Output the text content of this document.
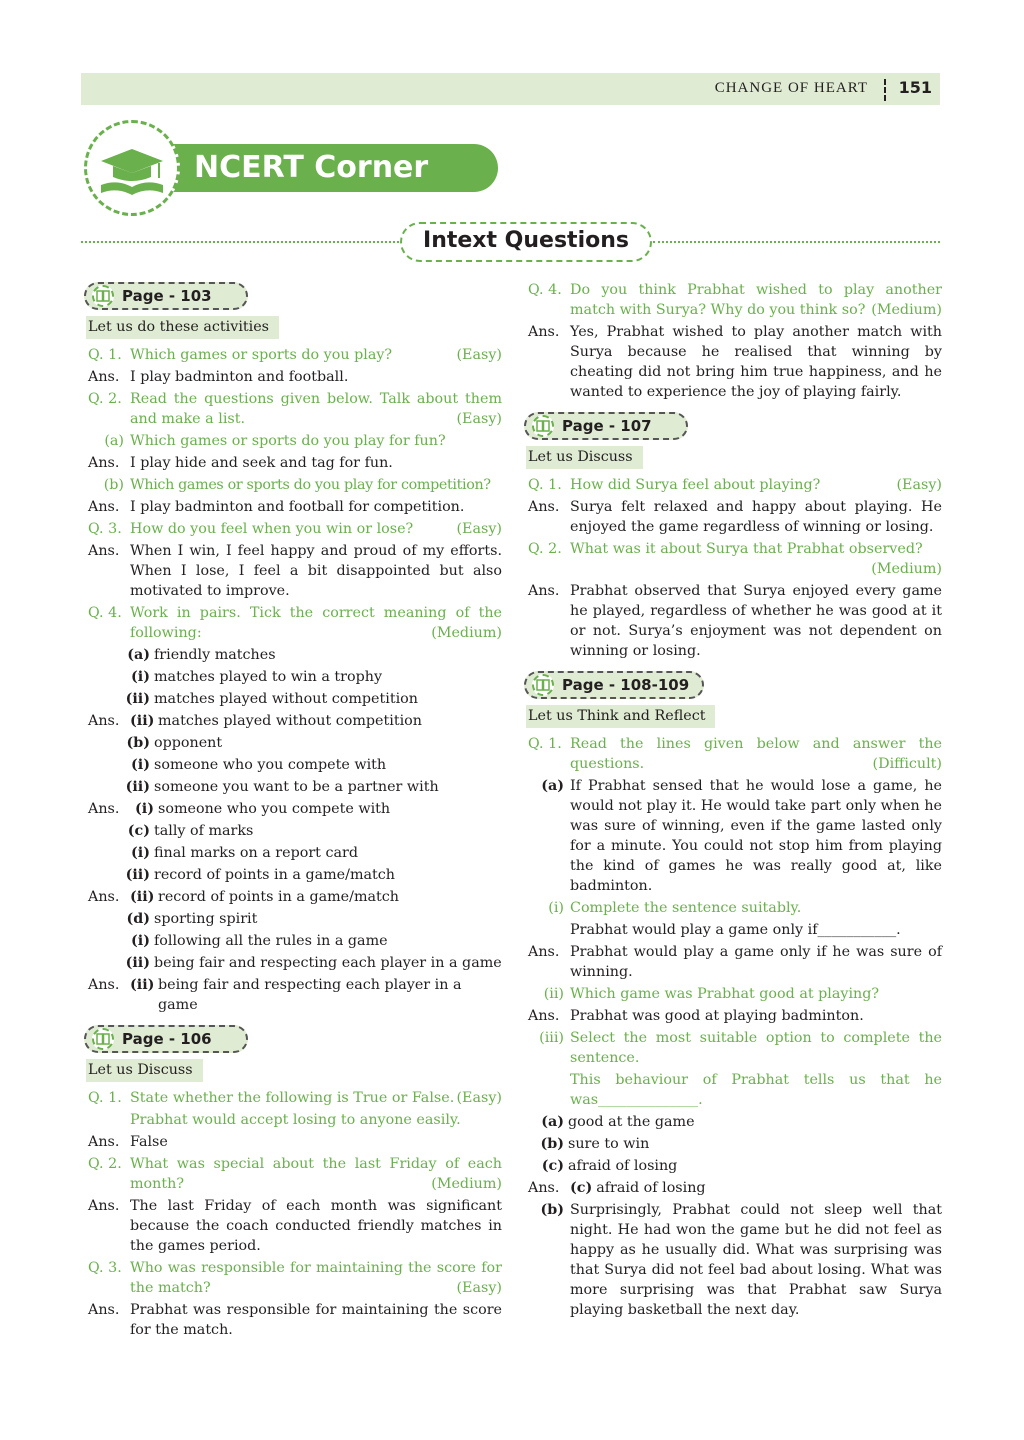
CHANGE OF HEART 151
NCERT Corner
Intext Questions
Page - 103

Let us do these activities
Q. 1. Which games or sports do you play?	(Easy)
Ans. I play badminton and football.
Q. 2. Read the questions given below. Talk about them and make a list.	(Easy)
(a) Which games or sports do you play for fun?
Ans. I play hide and seek and tag for fun.
(b) Which games or sports do you play for competition?
Ans. I play badminton and football for competition.
Q. 3. How do you feel when you win or lose?	(Easy)
Ans. When I win, I feel happy and proud of my efforts. When I lose, I feel a bit disappointed but also motivated to improve.
Q. 4. Work in pairs. Tick the correct meaning of the following:	(Medium)
(a) friendly matches
(i) matches played to win a trophy
(ii) matches played without competition
Ans. (ii) matches played without competition
(b) opponent
(i) someone who you compete with
(ii) someone you want to be a partner with
Ans.	(i) someone who you compete with
(c) tally of marks
(i) final marks on a report card
(ii) record of points in a game/match
Ans. (ii) record of points in a game/match
(d) sporting spirit
(i) following all the rules in a game
(ii) being fair and respecting each player in a game
Ans. (ii) being fair and respecting each player in a game
Page - 106

Let us Discuss
Q. 1. State whether the following is True or False. (Easy)
Prabhat would accept losing to anyone easily.
Ans. False
Q. 2. What was special about the last Friday of each month?	(Medium)
Ans. The last Friday of each month was significant because the coach conducted friendly matches in the games period.
Q. 3. Who was responsible for maintaining the score for the match?	(Easy)
Ans. Prabhat was responsible for maintaining the score for the match.
Q. 4. Do you think Prabhat wished to play another match with Surya? Why do you think so? (Medium)
Ans. Yes, Prabhat wished to play another match with Surya because he realised that winning by cheating did not bring him true happiness, and he wanted to experience the joy of playing fairly.
Page - 107

Let us Discuss
Q. 1. How did Surya feel about playing?	(Easy)
Ans. Surya felt relaxed and happy about playing. He enjoyed the game regardless of winning or losing.
Q. 2. What was it about Surya that Prabhat observed?

(Medium)
Ans. Prabhat observed that Surya enjoyed every game he played, regardless of whether he was good at it or not. Surya’s enjoyment was not dependent on winning or losing.
Page - 108-109

Let us Think and Reflect
Q. 1. Read the lines given below and answer the questions.	(Difficult)
(a) If Prabhat sensed that he would lose a game, he would not play it. He would take part only when he was sure of winning, even if the game lasted only for a minute. You could not stop him from playing the kind of games he was really good at, like badminton.
(i) Complete the sentence suitably.
Prabhat would play a game only if___________.
Ans. Prabhat would play a game only if he was sure of winning.
(ii) Which game was Prabhat good at playing?
Ans. Prabhat was good at playing badminton.
(iii) Select the most suitable option to complete the sentence.
This behaviour of Prabhat tells us that he was______________.
(a) good at the game
(b) sure to win
(c) afraid of losing
Ans. (c) afraid of losing
(b) Surprisingly, Prabhat could not sleep well that night. He had won the game but he did not feel as happy as he usually did. What was surprising was that Surya did not feel bad about losing. What was more surprising was that Prabhat saw Surya playing basketball the next day.
